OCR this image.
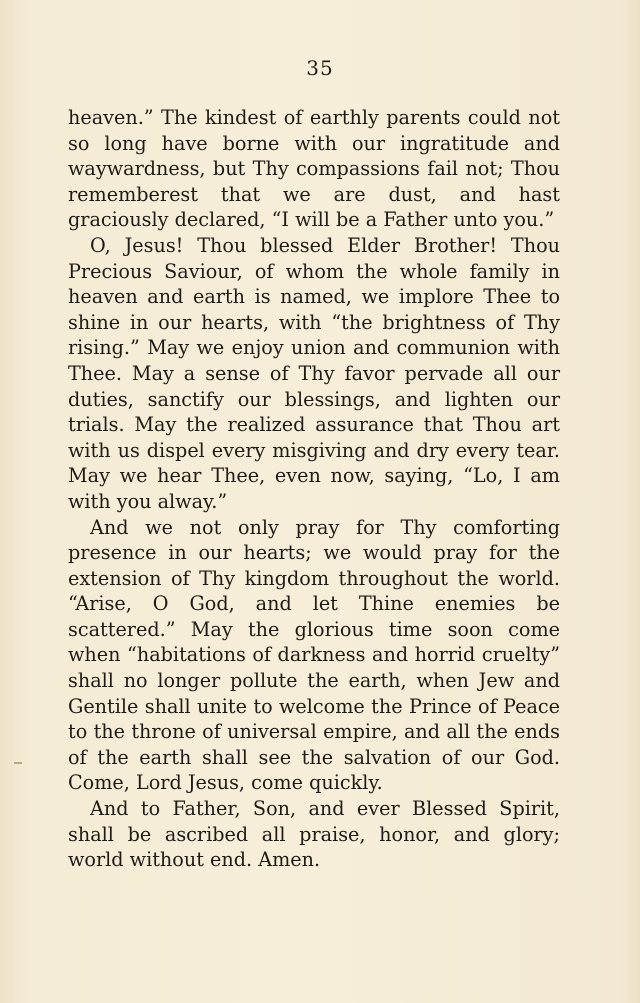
35

heaven.” The kindest of earthly parents could not so long have borne with our ingratitude and waywardness, but Thy compassions fail not; Thou rememberest that we are dust, and hast graciously declared, “I will be a Father unto you.”

O, Jesus! Thou blessed Elder Brother! Thou Precious Saviour, of whom the whole family in heaven and earth is named, we implore Thee to shine in our hearts, with “the brightness of Thy rising.” May we enjoy union and communion with Thee. May a sense of Thy favor pervade all our duties, sanctify our blessings, and lighten our trials. May the realized assurance that Thou art with us dispel every misgiving and dry every tear. May we hear Thee, even now, saying, “Lo, I am with you alway.”

And we not only pray for Thy comforting presence in our hearts; we would pray for the extension of Thy kingdom throughout the world. “Arise, O God, and let Thine enemies be scattered.” May the glorious time soon come when “habitations of darkness and horrid cruelty” shall no longer pollute the earth, when Jew and Gentile shall unite to welcome the Prince of Peace to the throne of universal empire, and all the ends of the earth shall see the salvation of our God. Come, Lord Jesus, come quickly.

And to Father, Son, and ever Blessed Spirit, shall be ascribed all praise, honor, and glory; world without end. Amen.
